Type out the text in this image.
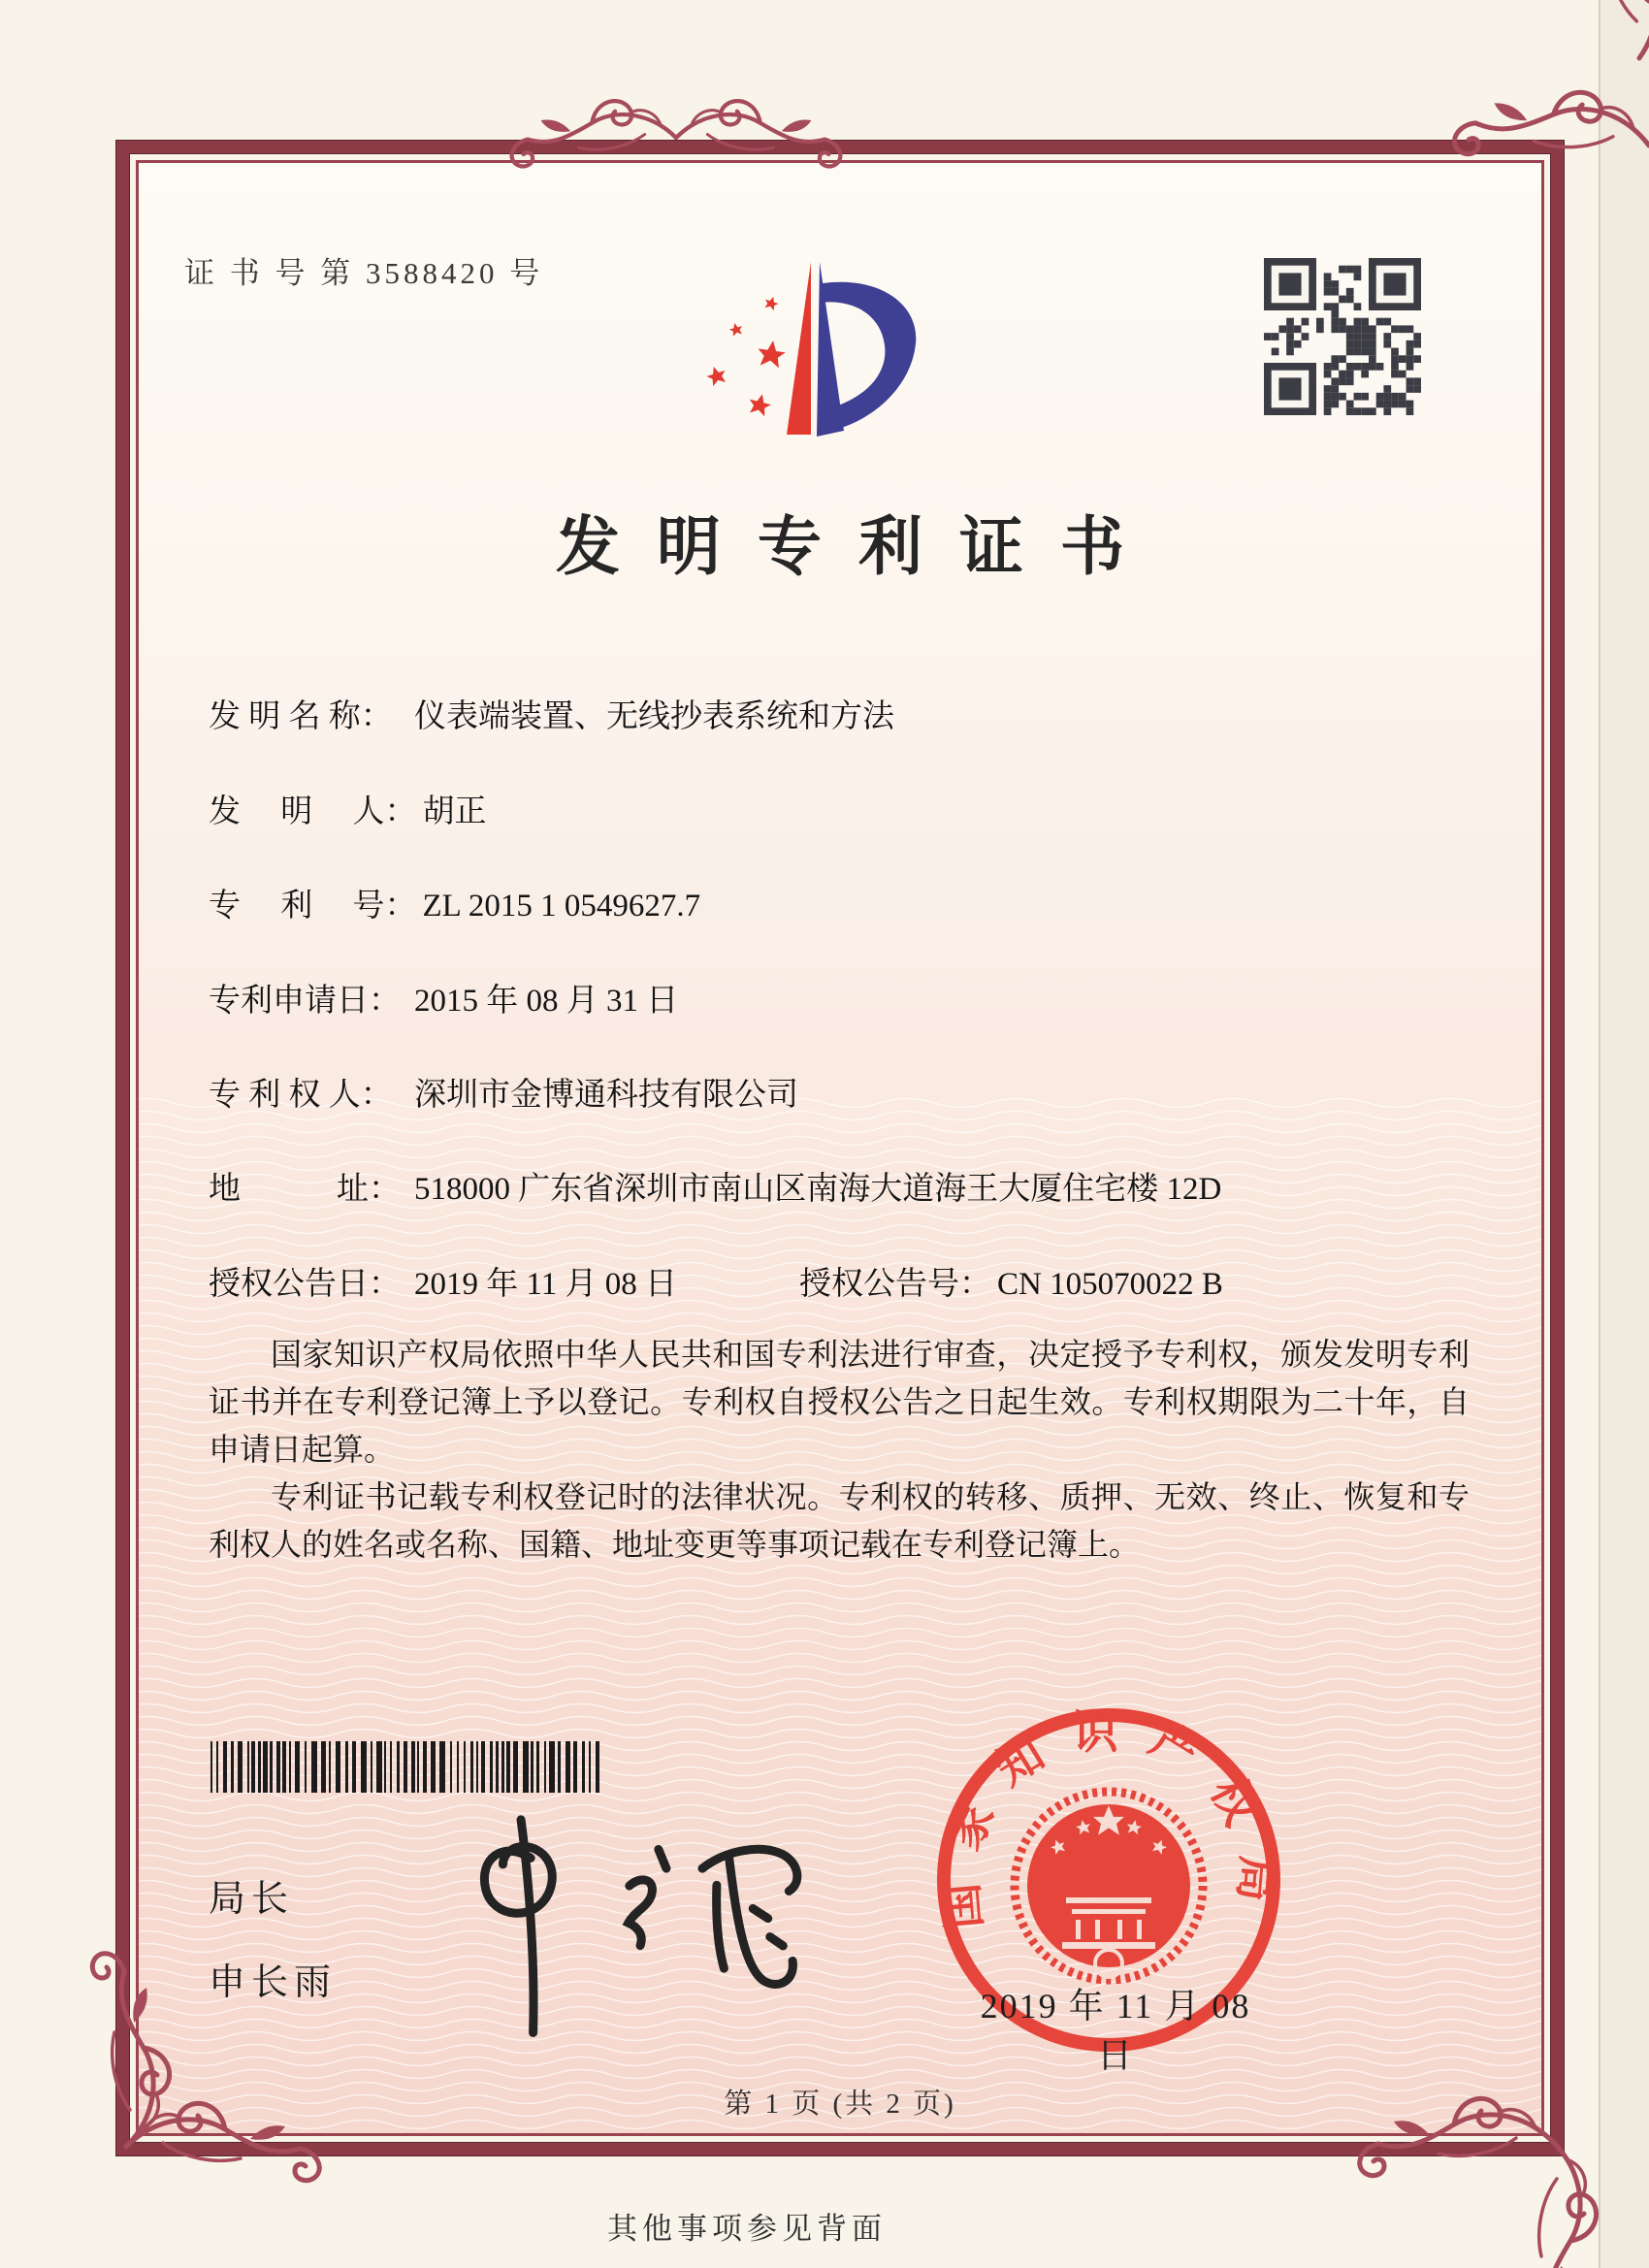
证 书 号 第 3588420 号
发明专利证书
发 明 名 称： 仪表端装置、无线抄表系统和方法
发　 明　 人： 胡正
专　 利　 号： ZL 2015 1 0549627.7
专利申请日： 2015 年 08 月 31 日
专 利 权 人： 深圳市金博通科技有限公司
地　　　址： 518000 广东省深圳市南山区南海大道海王大厦住宅楼 12D
授权公告日： 2019 年 11 月 08 日	授权公告号： CN 105070022 B

国家知识产权局依照中华人民共和国专利法进行审查，决定授予专利权，颁发发明专利证书并在专利登记簿上予以登记。专利权自授权公告之日起生效。专利权期限为二十年，自申请日起算。

专利证书记载专利权登记时的法律状况。专利权的转移、质押、无效、终止、恢复和专利权人的姓名或名称、国籍、地址变更等事项记载在专利登记簿上。

局长
申长雨
国家知识产权局
2019 年 11 月 08 日
第 1 页 (共 2 页)
其他事项参见背面
